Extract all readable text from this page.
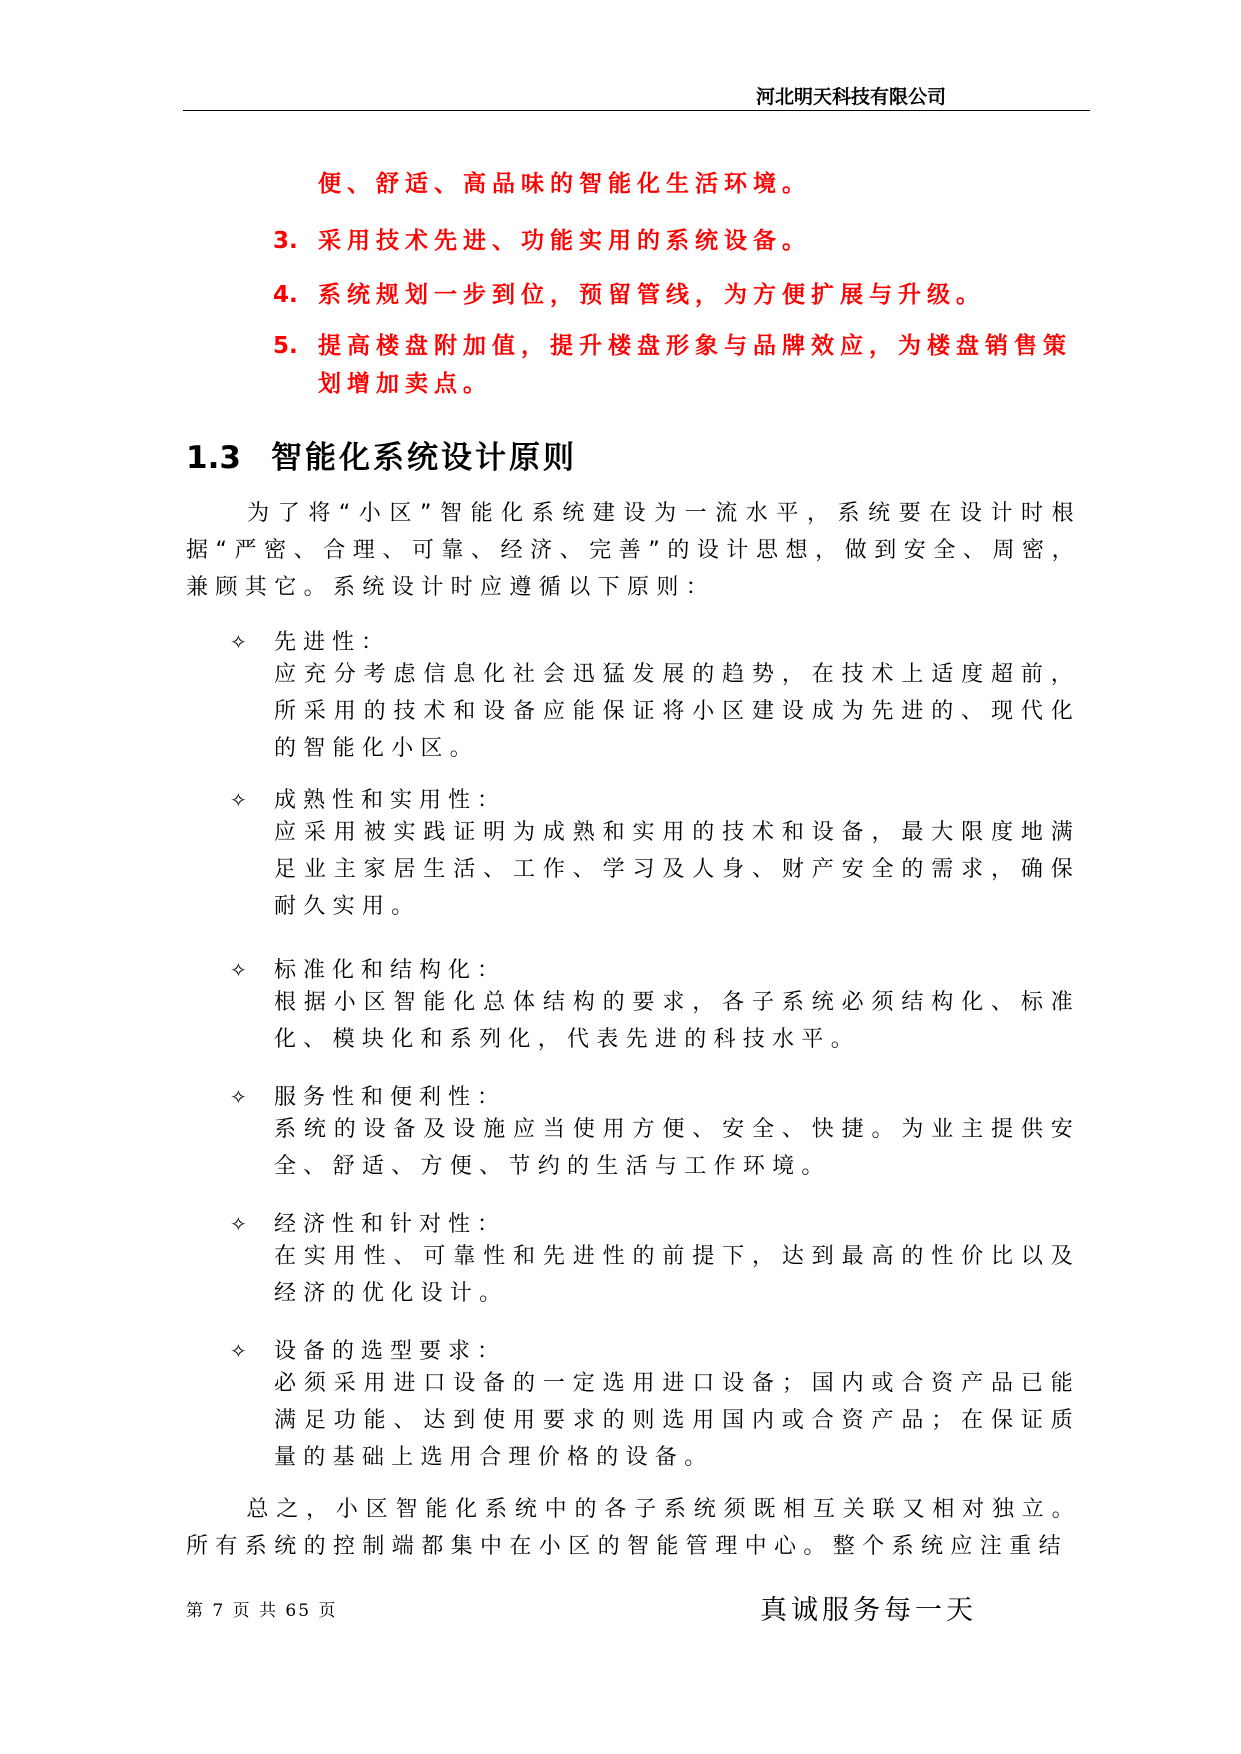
河北明天科技有限公司
便、舒适、高品味的智能化生活环境。
3. 采用技术先进、功能实用的系统设备。
4. 系统规划一步到位，预留管线，为方便扩展与升级。
5. 提高楼盘附加值，提升楼盘形象与品牌效应，为楼盘销售策
划增加卖点。
1.3 智能化系统设计原则
为了将“小区”智能化系统建设为一流水平，系统要在设计时根据“严密、合理、可靠、经济、完善”的设计思想，做到安全、周密，兼顾其它。系统设计时应遵循以下原则：
✧ 先进性：
应充分考虑信息化社会迅猛发展的趋势，在技术上适度超前，所采用的技术和设备应能保证将小区建设成为先进的、现代化的智能化小区。
✧ 成熟性和实用性：
应采用被实践证明为成熟和实用的技术和设备，最大限度地满足业主家居生活、工作、学习及人身、财产安全的需求，确保耐久实用。
✧ 标准化和结构化：
根据小区智能化总体结构的要求，各子系统必须结构化、标准化、模块化和系列化，代表先进的科技水平。
✧ 服务性和便利性：
系统的设备及设施应当使用方便、安全、快捷。为业主提供安全、舒适、方便、节约的生活与工作环境。
✧ 经济性和针对性：
在实用性、可靠性和先进性的前提下，达到最高的性价比以及经济的优化设计。
✧ 设备的选型要求：
必须采用进口设备的一定选用进口设备；国内或合资产品已能满足功能、达到使用要求的则选用国内或合资产品；在保证质量的基础上选用合理价格的设备。
总之，小区智能化系统中的各子系统须既相互关联又相对独立。所有系统的控制端都集中在小区的智能管理中心。整个系统应注重结
第 7 页 共 65 页	真诚服务每一天
